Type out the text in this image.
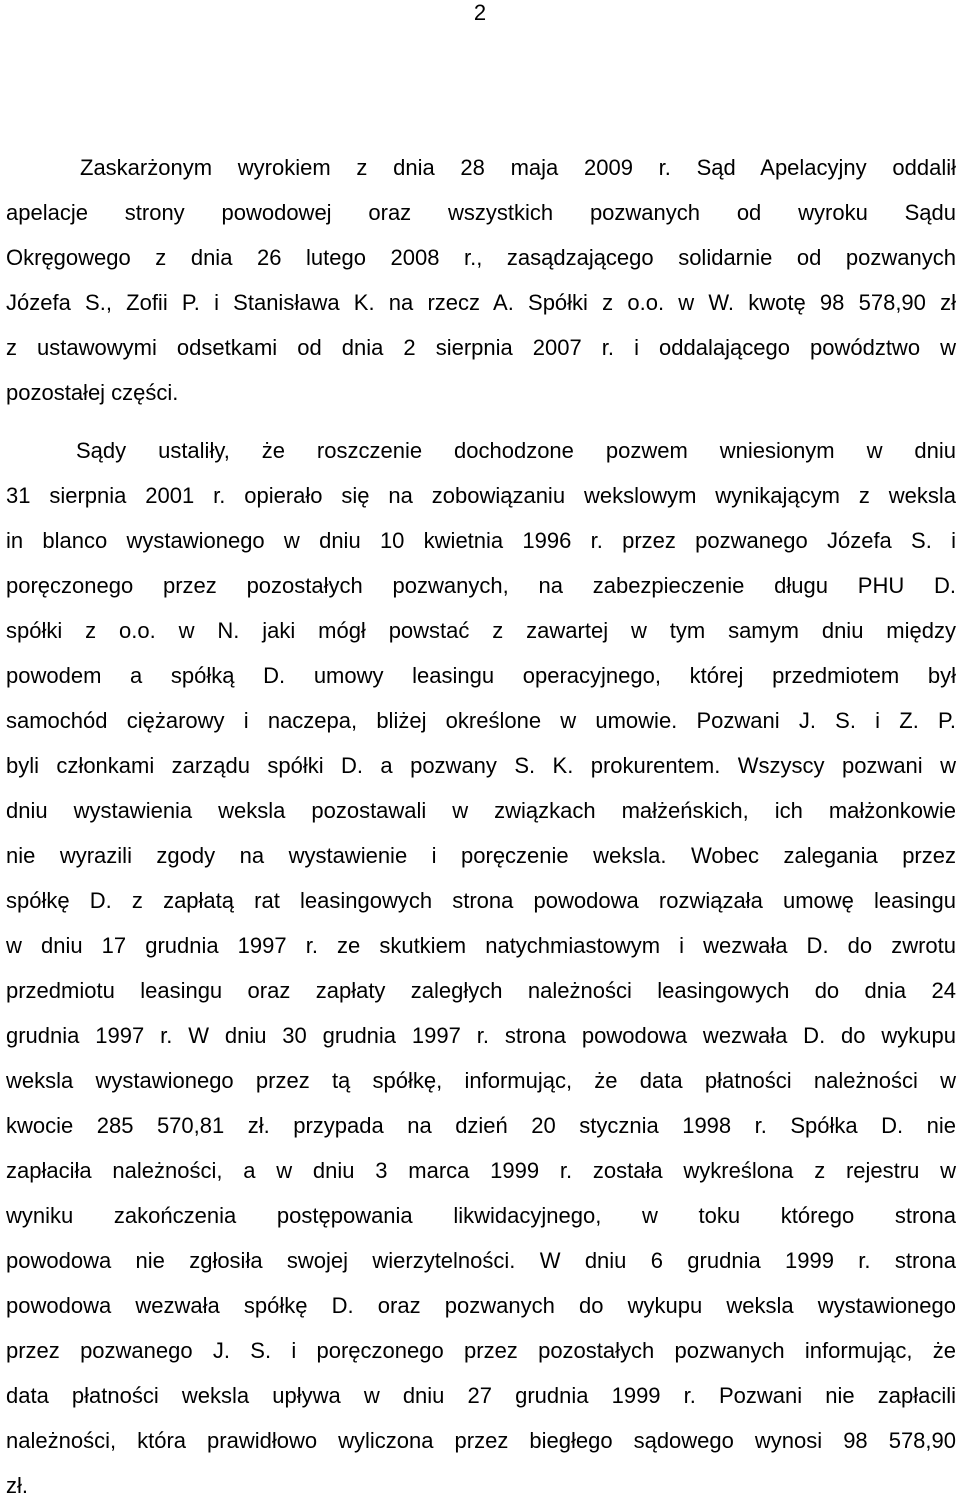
2
Zaskarżonym wyrokiem z dnia 28 maja 2009 r. Sąd Apelacyjny oddalił
apelacje strony powodowej oraz wszystkich pozwanych od wyroku Sądu
Okręgowego z dnia 26 lutego 2008 r., zasądzającego solidarnie od pozwanych
Józefa S., Zofii P. i Stanisława K. na rzecz A. Spółki z o.o. w W. kwotę 98 578,90 zł
z ustawowymi odsetkami od dnia 2 sierpnia 2007 r. i oddalającego powództwo w
pozostałej części.
Sądy ustaliły, że roszczenie dochodzone pozwem wniesionym w dniu
31 sierpnia 2001 r. opierało się na zobowiązaniu wekslowym wynikającym z weksla
in blanco wystawionego w dniu 10 kwietnia 1996 r. przez pozwanego Józefa S. i
poręczonego przez pozostałych pozwanych, na zabezpieczenie długu PHU D.
spółki z o.o. w N. jaki mógł powstać z zawartej w tym samym dniu między
powodem a spółką D. umowy leasingu operacyjnego, której przedmiotem był
samochód ciężarowy i naczepa, bliżej określone w umowie. Pozwani J. S. i Z. P.
byli członkami zarządu spółki D. a pozwany S. K. prokurentem. Wszyscy pozwani w
dniu wystawienia weksla pozostawali w związkach małżeńskich, ich małżonkowie
nie wyrazili zgody na wystawienie i poręczenie weksla. Wobec zalegania przez
spółkę D. z zapłatą rat leasingowych strona powodowa rozwiązała umowę leasingu
w dniu 17 grudnia 1997 r. ze skutkiem natychmiastowym i wezwała D. do zwrotu
przedmiotu leasingu oraz zapłaty zaległych należności leasingowych do dnia 24
grudnia 1997 r. W dniu 30 grudnia 1997 r. strona powodowa wezwała D. do wykupu
weksla wystawionego przez tą spółkę, informując, że data płatności należności w
kwocie 285 570,81 zł. przypada na dzień 20 stycznia 1998 r. Spółka D. nie
zapłaciła należności, a w dniu 3 marca 1999 r. została wykreślona z rejestru w
wyniku zakończenia postępowania likwidacyjnego, w toku którego strona
powodowa nie zgłosiła swojej wierzytelności. W dniu 6 grudnia 1999 r. strona
powodowa wezwała spółkę D. oraz pozwanych do wykupu weksla wystawionego
przez pozwanego J. S. i poręczonego przez pozostałych pozwanych informując, że
data płatności weksla upływa w dniu 27 grudnia 1999 r. Pozwani nie zapłacili
należności, która prawidłowo wyliczona przez biegłego sądowego wynosi 98 578,90
zł.
